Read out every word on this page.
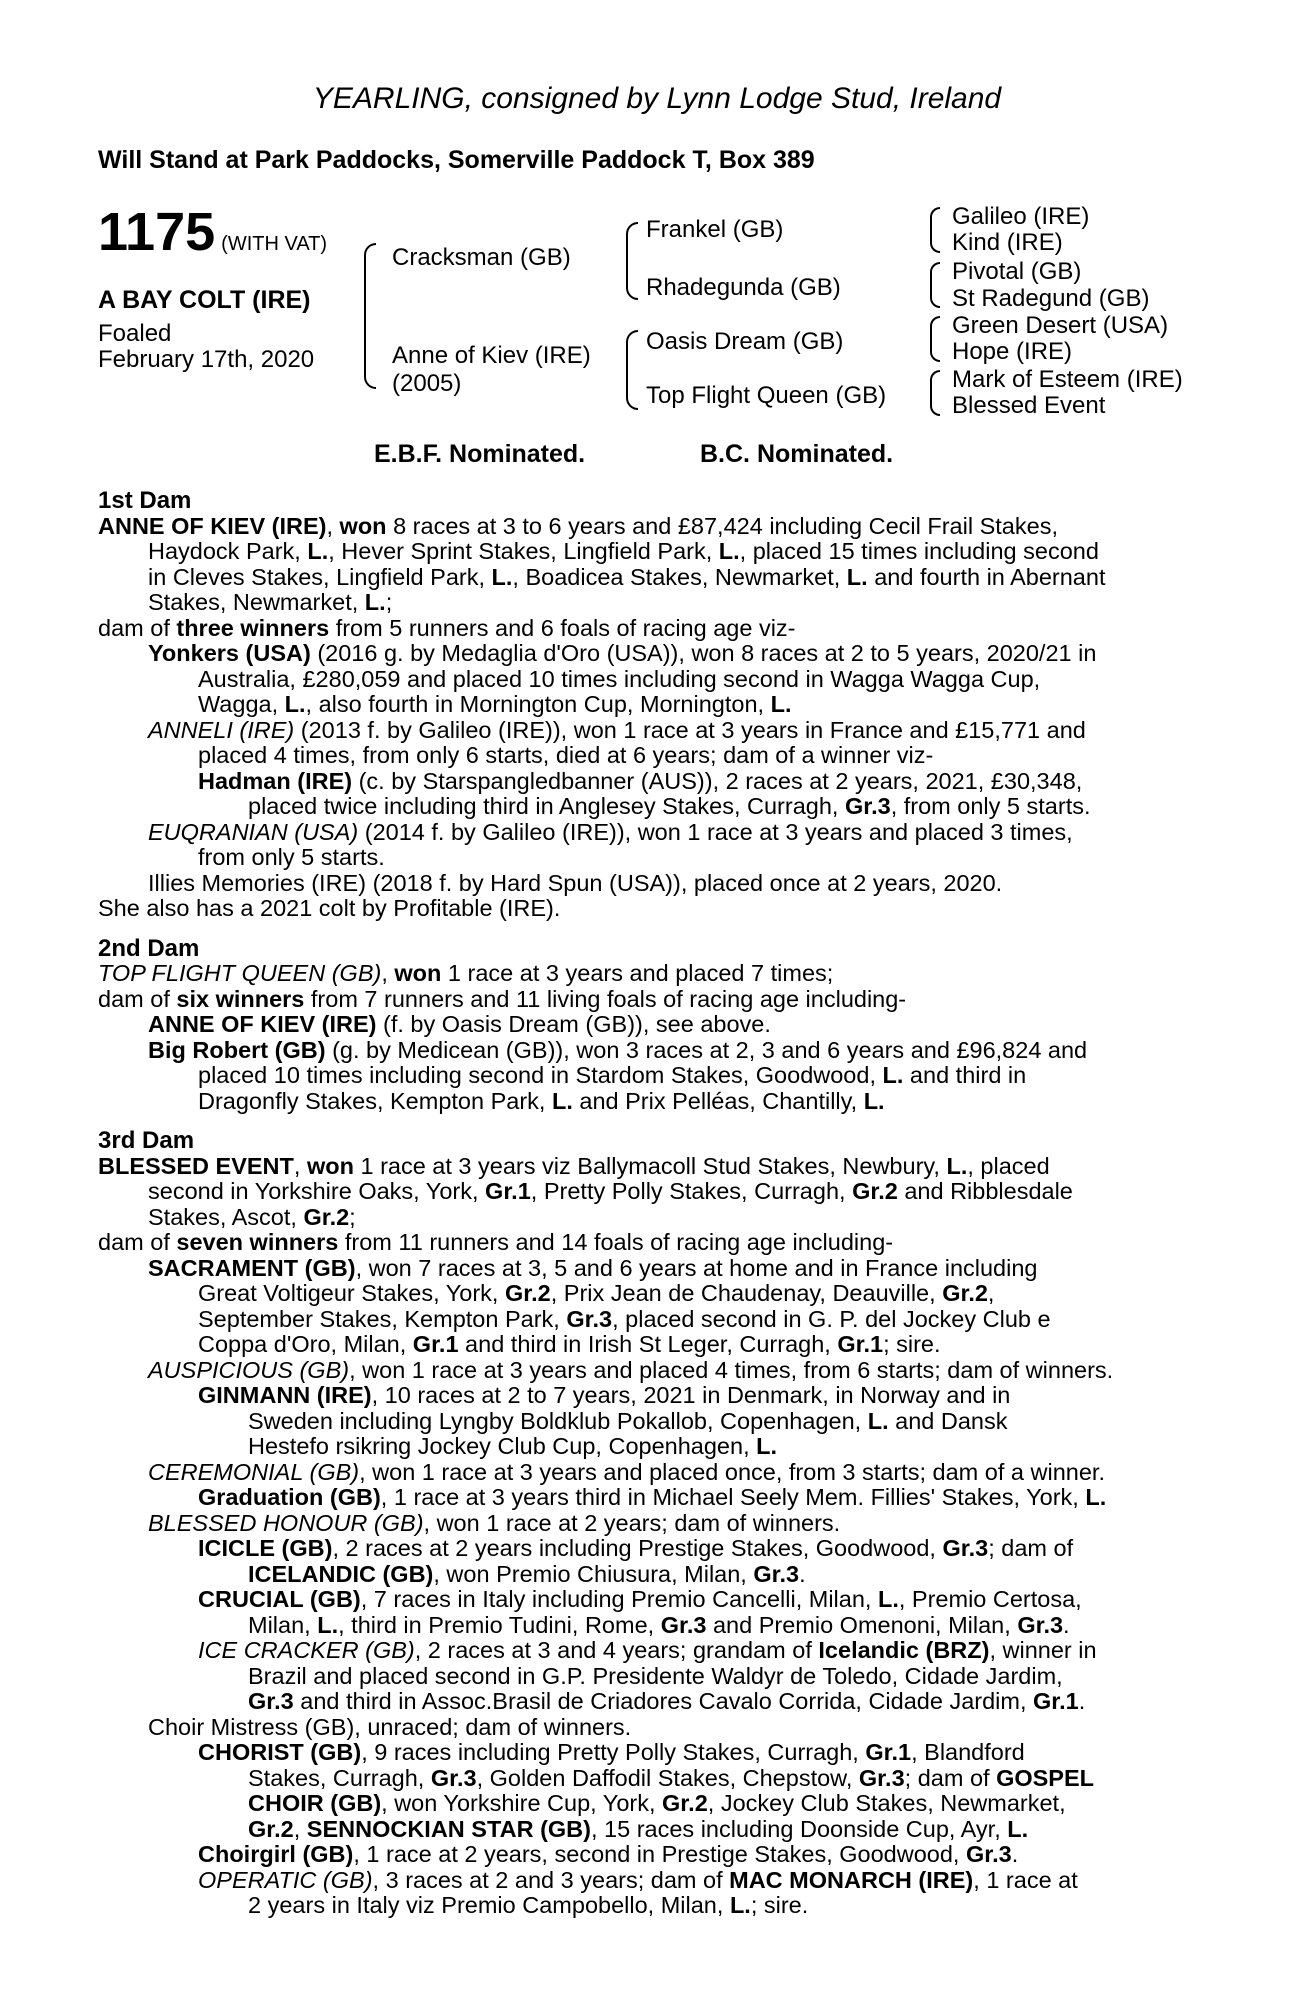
YEARLING, consigned by Lynn Lodge Stud, Ireland
Will Stand at Park Paddocks, Somerville Paddock T, Box 389
1175 (WITH VAT)
A BAY COLT (IRE)
Foaled
February 17th, 2020
Cracksman (GB)
Anne of Kiev (IRE)
(2005)
Frankel (GB)
Rhadegunda (GB)
Oasis Dream (GB)
Top Flight Queen (GB)
Galileo (IRE)
Kind (IRE)
Pivotal (GB)
St Radegund (GB)
Green Desert (USA)
Hope (IRE)
Mark of Esteem (IRE)
Blessed Event
E.B.F. Nominated.	B.C. Nominated.
1st Dam
ANNE OF KIEV (IRE), won 8 races at 3 to 6 years and £87,424 including Cecil Frail Stakes,
Haydock Park, L., Hever Sprint Stakes, Lingfield Park, L., placed 15 times including second
in Cleves Stakes, Lingfield Park, L., Boadicea Stakes, Newmarket, L. and fourth in Abernant
Stakes, Newmarket, L.;
dam of three winners from 5 runners and 6 foals of racing age viz-
Yonkers (USA) (2016 g. by Medaglia d'Oro (USA)), won 8 races at 2 to 5 years, 2020/21 in
Australia, £280,059 and placed 10 times including second in Wagga Wagga Cup,
Wagga, L., also fourth in Mornington Cup, Mornington, L.
ANNELI (IRE) (2013 f. by Galileo (IRE)), won 1 race at 3 years in France and £15,771 and
placed 4 times, from only 6 starts, died at 6 years; dam of a winner viz-
Hadman (IRE) (c. by Starspangledbanner (AUS)), 2 races at 2 years, 2021, £30,348,
placed twice including third in Anglesey Stakes, Curragh, Gr.3, from only 5 starts.
EUQRANIAN (USA) (2014 f. by Galileo (IRE)), won 1 race at 3 years and placed 3 times,
from only 5 starts.
Illies Memories (IRE) (2018 f. by Hard Spun (USA)), placed once at 2 years, 2020.
She also has a 2021 colt by Profitable (IRE).
2nd Dam
TOP FLIGHT QUEEN (GB), won 1 race at 3 years and placed 7 times;
dam of six winners from 7 runners and 11 living foals of racing age including-
ANNE OF KIEV (IRE) (f. by Oasis Dream (GB)), see above.
Big Robert (GB) (g. by Medicean (GB)), won 3 races at 2, 3 and 6 years and £96,824 and
placed 10 times including second in Stardom Stakes, Goodwood, L. and third in
Dragonfly Stakes, Kempton Park, L. and Prix Pelléas, Chantilly, L.
3rd Dam
BLESSED EVENT, won 1 race at 3 years viz Ballymacoll Stud Stakes, Newbury, L., placed
second in Yorkshire Oaks, York, Gr.1, Pretty Polly Stakes, Curragh, Gr.2 and Ribblesdale
Stakes, Ascot, Gr.2;
dam of seven winners from 11 runners and 14 foals of racing age including-
SACRAMENT (GB), won 7 races at 3, 5 and 6 years at home and in France including
Great Voltigeur Stakes, York, Gr.2, Prix Jean de Chaudenay, Deauville, Gr.2,
September Stakes, Kempton Park, Gr.3, placed second in G. P. del Jockey Club e
Coppa d'Oro, Milan, Gr.1 and third in Irish St Leger, Curragh, Gr.1; sire.
AUSPICIOUS (GB), won 1 race at 3 years and placed 4 times, from 6 starts; dam of winners.
GINMANN (IRE), 10 races at 2 to 7 years, 2021 in Denmark, in Norway and in
Sweden including Lyngby Boldklub Pokallob, Copenhagen, L. and Dansk
Hestefo rsikring Jockey Club Cup, Copenhagen, L.
CEREMONIAL (GB), won 1 race at 3 years and placed once, from 3 starts; dam of a winner.
Graduation (GB), 1 race at 3 years third in Michael Seely Mem. Fillies' Stakes, York, L.
BLESSED HONOUR (GB), won 1 race at 2 years; dam of winners.
ICICLE (GB), 2 races at 2 years including Prestige Stakes, Goodwood, Gr.3; dam of
ICELANDIC (GB), won Premio Chiusura, Milan, Gr.3.
CRUCIAL (GB), 7 races in Italy including Premio Cancelli, Milan, L., Premio Certosa,
Milan, L., third in Premio Tudini, Rome, Gr.3 and Premio Omenoni, Milan, Gr.3.
ICE CRACKER (GB), 2 races at 3 and 4 years; grandam of Icelandic (BRZ), winner in
Brazil and placed second in G.P. Presidente Waldyr de Toledo, Cidade Jardim,
Gr.3 and third in Assoc.Brasil de Criadores Cavalo Corrida, Cidade Jardim, Gr.1.
Choir Mistress (GB), unraced; dam of winners.
CHORIST (GB), 9 races including Pretty Polly Stakes, Curragh, Gr.1, Blandford
Stakes, Curragh, Gr.3, Golden Daffodil Stakes, Chepstow, Gr.3; dam of GOSPEL
CHOIR (GB), won Yorkshire Cup, York, Gr.2, Jockey Club Stakes, Newmarket,
Gr.2, SENNOCKIAN STAR (GB), 15 races including Doonside Cup, Ayr, L.
Choirgirl (GB), 1 race at 2 years, second in Prestige Stakes, Goodwood, Gr.3.
OPERATIC (GB), 3 races at 2 and 3 years; dam of MAC MONARCH (IRE), 1 race at
2 years in Italy viz Premio Campobello, Milan, L.; sire.
